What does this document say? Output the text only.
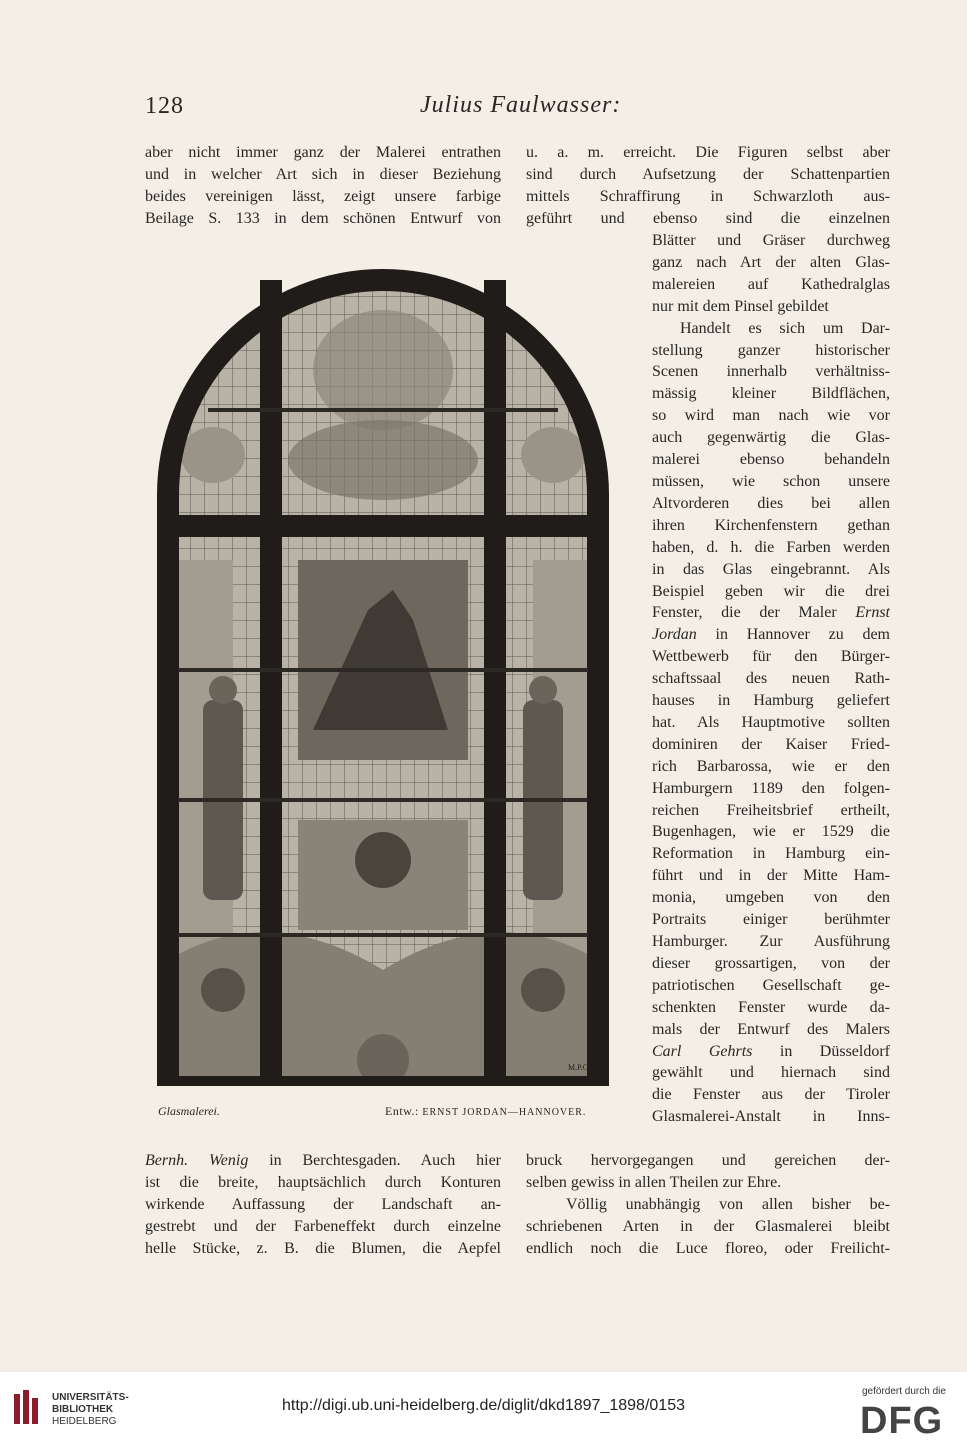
128	Julius Faulwasser:
aber nicht immer ganz der Malerei entrathen
und in welcher Art sich in dieser Beziehung
beides vereinigen lässt, zeigt unsere farbige
Beilage S. 133 in dem schönen Entwurf von
u. a. m. erreicht. Die Figuren selbst aber
sind durch Aufsetzung der Schattenpartien
mittels Schraffirung in Schwarzloth aus-
geführt und ebenso sind die einzelnen
Blätter und Gräser durchweg
ganz nach Art der alten Glas-
malereien auf Kathedralglas
nur mit dem Pinsel gebildet
Handelt es sich um Dar-
stellung ganzer historischer
Scenen innerhalb verhältniss-
mässig kleiner Bildflächen,
so wird man nach wie vor
auch gegenwärtig die Glas-
malerei ebenso behandeln
müssen, wie schon unsere
Altvorderen dies bei allen
ihren Kirchenfenstern gethan
haben, d. h. die Farben werden
in das Glas eingebrannt. Als
Beispiel geben wir die drei
Fenster, die der Maler Ernst
Jordan in Hannover zu dem
Wettbewerb für den Bürger-
schaftssaal des neuen Rath-
hauses in Hamburg geliefert
hat. Als Hauptmotive sollten
dominiren der Kaiser Fried-
rich Barbarossa, wie er den
Hamburgern 1189 den folgen-
reichen Freiheitsbrief ertheilt,
Bugenhagen, wie er 1529 die
Reformation in Hamburg ein-
führt und in der Mitte Ham-
monia, umgeben von den
Portraits einiger berühmter
Hamburger. Zur Ausführung
dieser grossartigen, von der
patriotischen Gesellschaft ge-
schenkten Fenster wurde da-
mals der Entwurf des Malers
Carl Gehrts in Düsseldorf
gewählt und hiernach sind
die Fenster aus der Tiroler
Glasmalerei-Anstalt in Inns-
M.P.G.
Glasmalerei.	Entw.: ERNST JORDAN—HANNOVER.
Bernh. Wenig in Berchtesgaden. Auch hier
ist die breite, hauptsächlich durch Konturen
wirkende Auffassung der Landschaft an-
gestrebt und der Farbeneffekt durch einzelne
helle Stücke, z. B. die Blumen, die Aepfel
bruck hervorgegangen und gereichen der-
selben gewiss in allen Theilen zur Ehre.
Völlig unabhängig von allen bisher be-
schriebenen Arten in der Glasmalerei bleibt
endlich noch die Luce floreo, oder Freilicht-
UNIVERSITÄTS-
BIBLIOTHEK
HEIDELBERG
http://digi.ub.uni-heidelberg.de/diglit/dkd1897_1898/0153
gefördert durch die
DFG
